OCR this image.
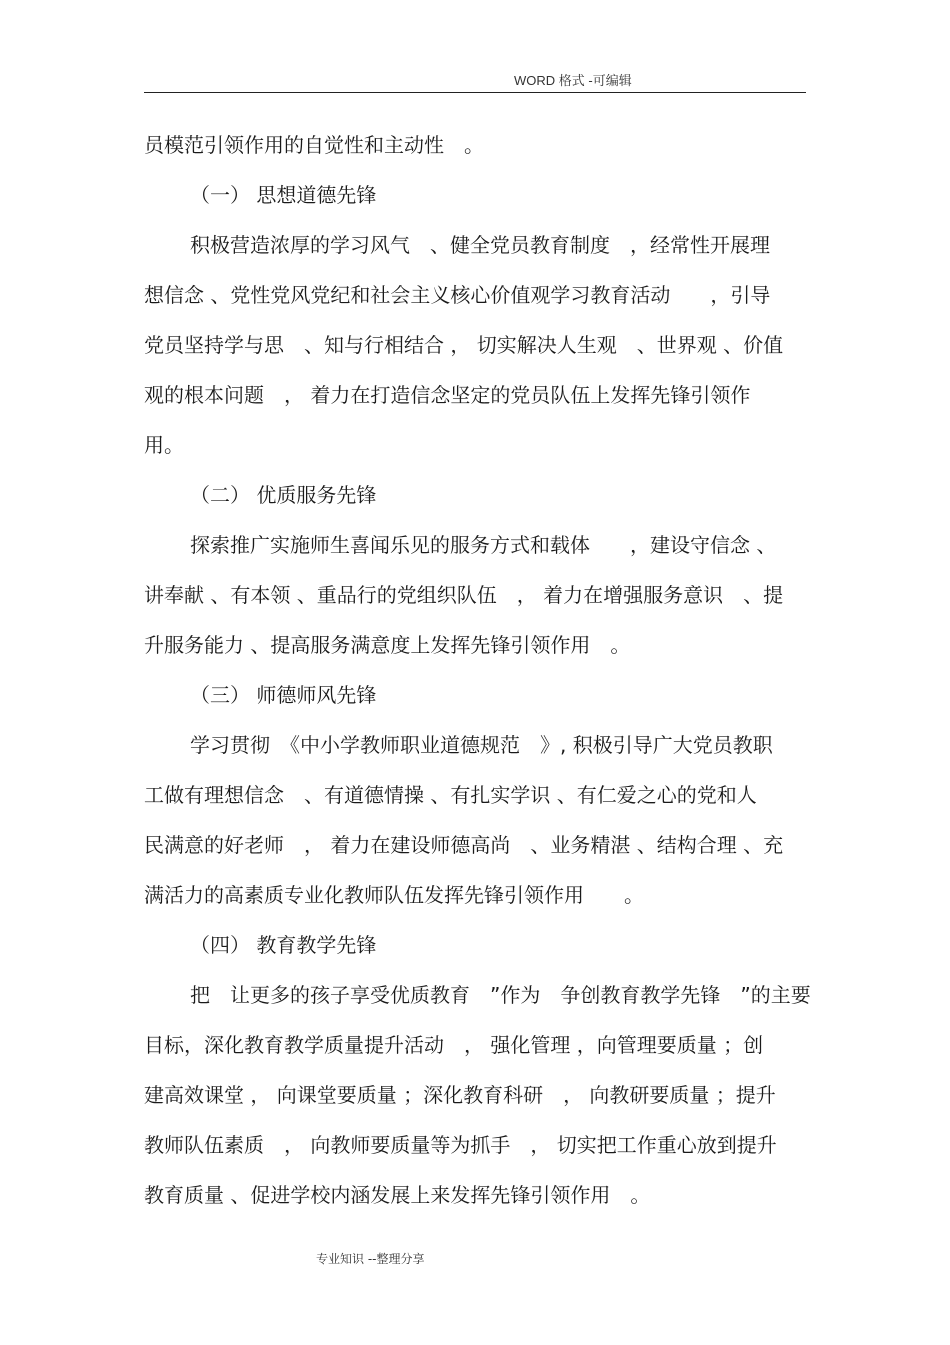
WORD 格式 -可编辑
员模范引领作用的自觉性和主动性　。
（一） 思想道德先锋
积极营造浓厚的学习风气　、健全党员教育制度　，经常性开展理
想信念 、党性党风党纪和社会主义核心价值观学习教育活动　　，引导
党员坚持学与思　、知与行相结合 ， 切实解决人生观　、世界观 、价值
观的根本问题　， 着力在打造信念坚定的党员队伍上发挥先锋引领作
用。
（二） 优质服务先锋
探索推广实施师生喜闻乐见的服务方式和载体　　，建设守信念 、
讲奉献 、有本领 、重品行的党组织队伍　， 着力在增强服务意识　、提
升服务能力 、提高服务满意度上发挥先锋引领作用　。
（三） 师德师风先锋
学习贯彻　《中小学教师职业道德规范　》, 积极引导广大党员教职
工做有理想信念　、有道德情操 、有扎实学识 、有仁爱之心的党和人
民满意的好老师　， 着力在建设师德高尚　、业务精湛 、结构合理 、充
满活力的高素质专业化教师队伍发挥先锋引领作用　　。
（四） 教育教学先锋
把　让更多的孩子享受优质教育　”作为　争创教育教学先锋　”的主要
目标，深化教育教学质量提升活动　， 强化管理 ，向管理要质量 ；创
建高效课堂 ， 向课堂要质量 ；深化教育科研　， 向教研要质量 ；提升
教师队伍素质　， 向教师要质量等为抓手　， 切实把工作重心放到提升
教育质量 、促进学校内涵发展上来发挥先锋引领作用　。
专业知识 --整理分享
